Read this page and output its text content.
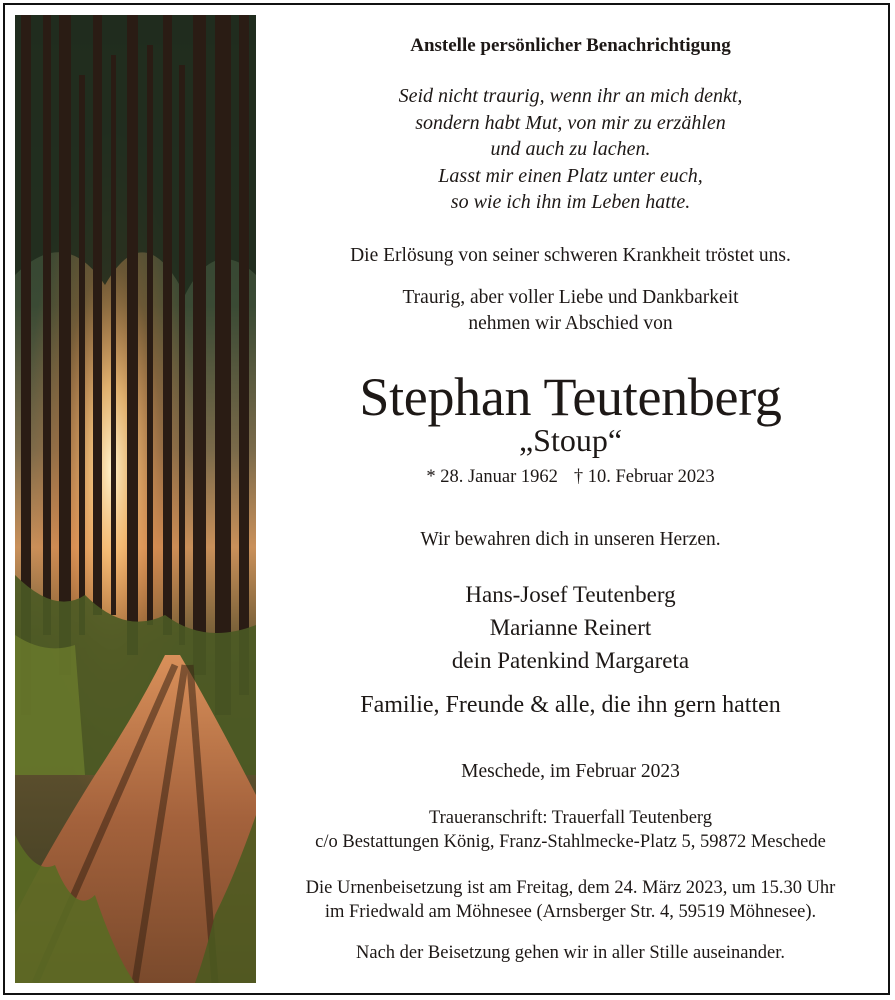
Anstelle persönlicher Benachrichtigung
Seid nicht traurig, wenn ihr an mich denkt,
sondern habt Mut, von mir zu erzählen
und auch zu lachen.
Lasst mir einen Platz unter euch,
so wie ich ihn im Leben hatte.
Die Erlösung von seiner schweren Krankheit tröstet uns.
Traurig, aber voller Liebe und Dankbarkeit
nehmen wir Abschied von
Stephan Teutenberg
„Stoup“
* 28. Januar 1962 † 10. Februar 2023
Wir bewahren dich in unseren Herzen.
Hans-Josef Teutenberg
Marianne Reinert
dein Patenkind Margareta
Familie, Freunde & alle, die ihn gern hatten
Meschede, im Februar 2023
Traueranschrift: Trauerfall Teutenberg
c/o Bestattungen König, Franz-Stahlmecke-Platz 5, 59872 Meschede
Die Urnenbeisetzung ist am Freitag, dem 24. März 2023, um 15.30 Uhr
im Friedwald am Möhnesee (Arnsberger Str. 4, 59519 Möhnesee).
Nach der Beisetzung gehen wir in aller Stille auseinander.
